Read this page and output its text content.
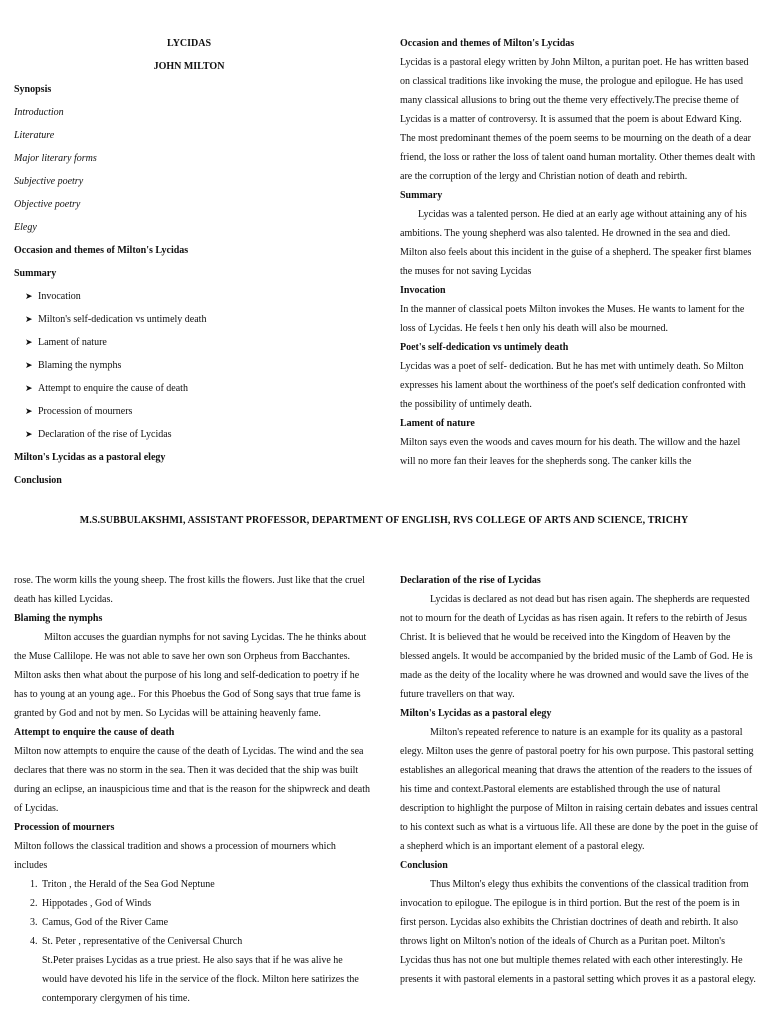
LYCIDAS
JOHN MILTON
Synopsis
Introduction
Literature
Major literary forms
Subjective poetry
Objective poetry
Elegy
Occasion and themes of Milton's Lycidas
Summary
➤ Invocation
➤ Milton's self-dedication vs untimely death
➤ Lament of nature
➤ Blaming the nymphs
➤ Attempt to enquire the cause of death
➤ Procession of mourners
➤ Declaration of the rise of Lycidas
Milton's Lycidas as a pastoral elegy
Conclusion
Occasion and themes of Milton's Lycidas

Lycidas is a pastoral elegy written by John Milton, a puritan poet. He has written based on classical traditions like invoking the muse, the prologue and epilogue. He has used many classical allusions to bring out the theme very effectively.The precise theme of Lycidas is a matter of controversy. It is assumed that the poem is about Edward King. The most predominant themes of the poem seems to be mourning on the death of a dear friend, the loss or rather the loss of talent oand human mortality. Other themes dealt with are the corruption of the lergy and Christian notion of death and rebirth.

Summary

Lycidas was a talented person. He died at an early age without attaining any of his ambitions. The young shepherd was also talented. He drowned in the sea and died. Milton also feels about this incident in the guise of a shepherd. The speaker first blames the muses for not saving Lycidas

Invocation

In the manner of classical poets Milton invokes the Muses. He wants to lament for the loss of Lycidas. He feels t hen only his death will also be mourned.

Poet's self-dedication vs untimely death

Lycidas was a poet of self- dedication. But he has met with untimely death. So Milton expresses his lament about the worthiness of the poet's self dedication confronted with the possibility of untimely death.

Lament of nature

Milton says even the woods and caves mourn for his death. The willow and the hazel will no more fan their leaves for the shepherds song. The canker kills the

M.S.SUBBULAKSHMI, ASSISTANT PROFESSOR, DEPARTMENT OF ENGLISH, RVS COLLEGE OF ARTS AND SCIENCE, TRICHY

rose. The worm kills the young sheep. The frost kills the flowers. Just like that the cruel death has killed Lycidas.

Blaming the nymphs

Milton accuses the guardian nymphs for not saving Lycidas. The he thinks about the Muse Callilope. He was not able to save her own son Orpheus from Bacchantes. Milton asks then what about the purpose of his long and self-dedication to poetry if he has to young at an young age.. For this Phoebus the God of Song says that true fame is granted by God and not by men. So Lycidas will be attaining heavenly fame.

Attempt to enquire the cause of death

Milton now attempts to enquire the cause of the death of Lycidas. The wind and the sea declares that there was no storm in the sea. Then it was decided that the ship was built during an eclipse, an inauspicious time and that is the reason for the shipwreck and death of Lycidas.

Procession of mourners

Milton follows the classical tradition and shows a procession of mourners which includes

1. Triton , the Herald of the Sea God Neptune
2. Hippotades , God of Winds
3. Camus, God of the River Came
4. St. Peter , representative of the Ceniversal Church

St.Peter praises Lycidas as a true priest. He also says that if he was alive he would have devoted his life in the service of the flock. Milton here satirizes the contemporary clergymen of his time.

Declaration of the rise of Lycidas

Lycidas is declared as not dead but has risen again. The shepherds are requested not to mourn for the death of Lycidas as has risen again. It refers to the rebirth of Jesus Christ. It is believed that he would be received into the Kingdom of Heaven by the blessed angels. It would be accompanied by the brided music of the Lamb of God. He is made as the deity of the locality where he was drowned and would save the lives of the future travellers on that way.

Milton's Lycidas as a pastoral elegy

Milton's repeated reference to nature is an example for its quality as a pastoral elegy. Milton uses the genre of pastoral poetry for his own purpose. This pastoral setting establishes an allegorical meaning that draws the attention of the readers to the issues of his time and context.Pastoral elements are established through the use of natural description to highlight the purpose of Milton in raising certain debates and issues central to his context such as what is a virtuous life. All these are done by the poet in the guise of a shepherd which is an important element of a pastoral elegy.

Conclusion

Thus Milton's elegy thus exhibits the conventions of the classical tradition from invocation to epilogue. The epilogue is in third portion. But the rest of the poem is in first person. Lycidas also exhibits the Christian doctrines of death and rebirth. It also throws light on Milton's notion of the ideals of Church as a Puritan poet. Milton's Lycidas thus has not one but multiple themes related with each other interestingly. He presents it with pastoral elements in a pastoral setting which proves it as a pastoral elegy.
